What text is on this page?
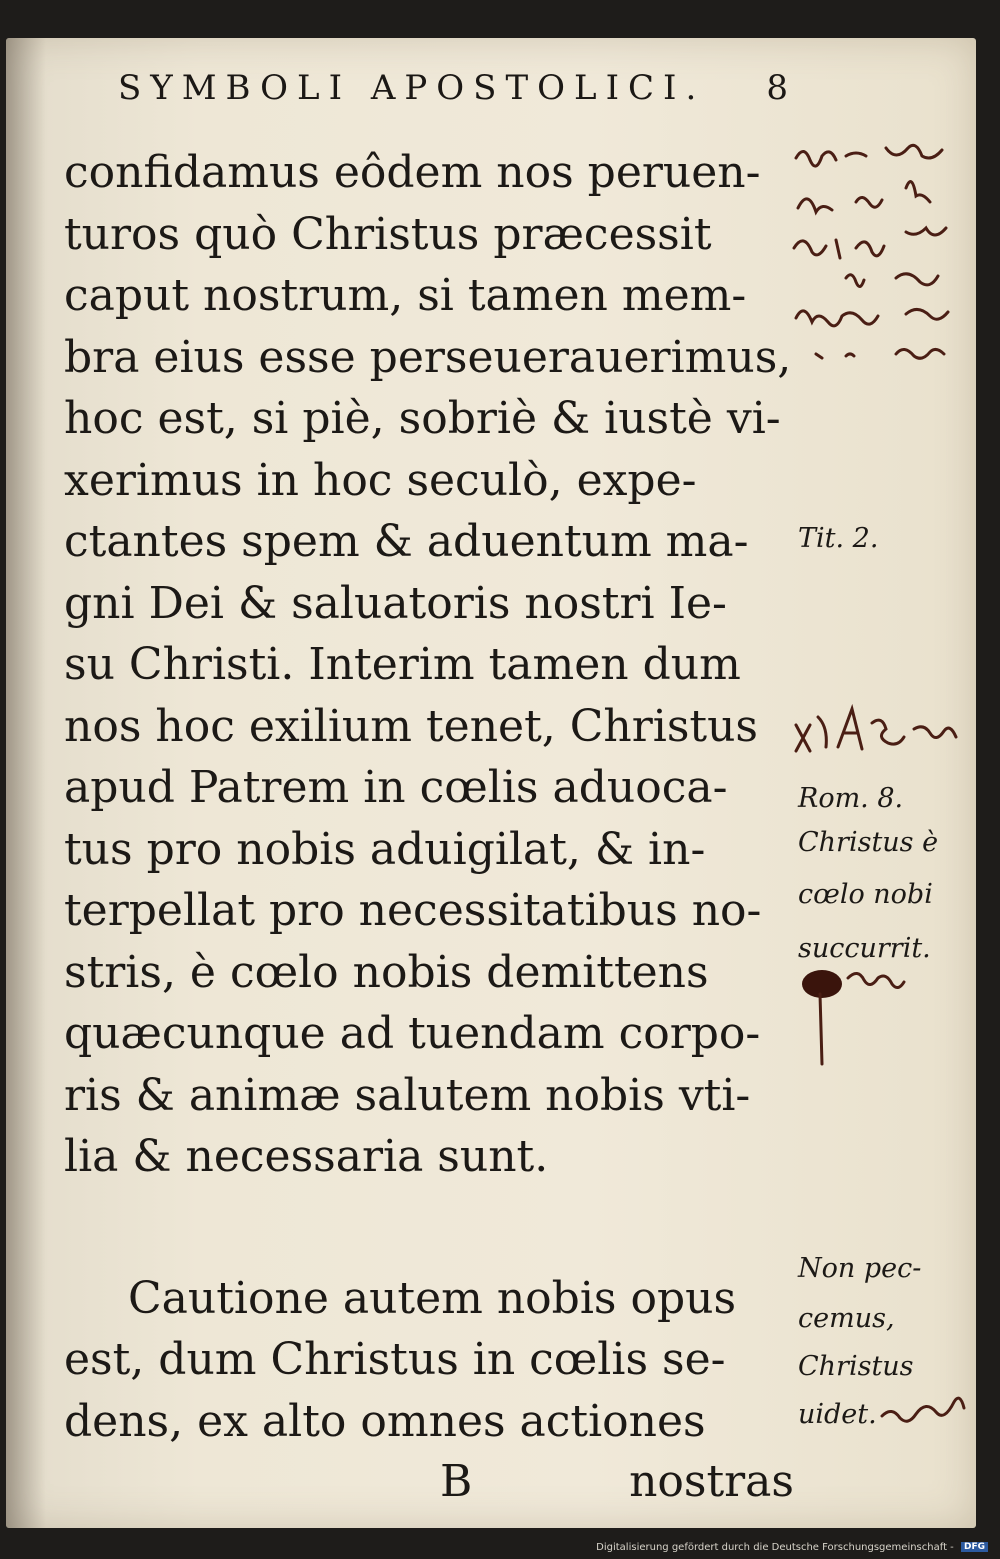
SYMBOLI APOSTOLICI. 8
confidamus eôdem nos peruen-
turos quò Christus præcessit
caput nostrum, si tamen mem-
bra eius esse perseuerauerimus,
hoc est, si piè, sobriè & iustè vi-
xerimus in hoc seculò, expe-
ctantes spem & aduentum ma-
gni Dei & saluatoris nostri Ie-
su Christi. Interim tamen dum
nos hoc exilium tenet, Christus
apud Patrem in cœlis aduoca-
tus pro nobis aduigilat, & in-
terpellat pro necessitatibus no-
stris, è cœlo nobis demittens
quæcunque ad tuendam corpo-
ris & animæ salutem nobis vti-
lia & necessaria sunt.
Cautione autem nobis opus
est, dum Christus in cœlis se-
dens, ex alto omnes actiones
B	nostras
Tit. 2.
Rom. 8.
Christus è
cœlo nobi
succurrit.
Non pec-
cemus,
Christus
uidet.
Digitalisierung gefördert durch die Deutsche Forschungsgemeinschaft - DFG
